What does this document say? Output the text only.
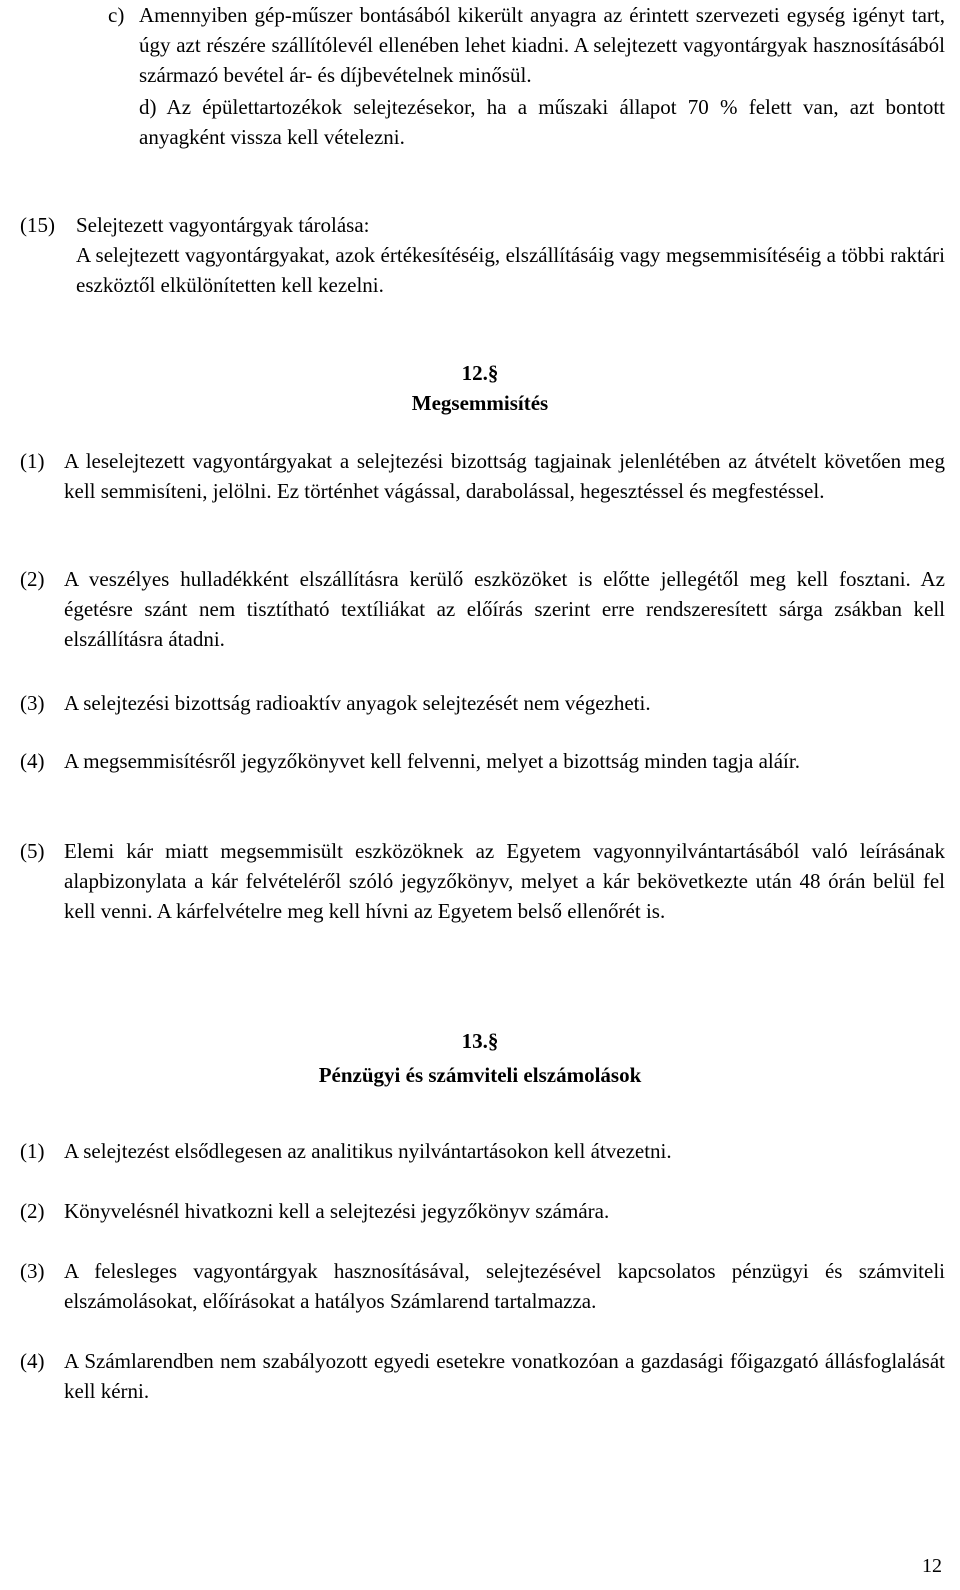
c) Amennyiben gép-műszer bontásából kikerült anyagra az érintett szervezeti egység igényt tart, úgy azt részére szállítólevél ellenében lehet kiadni. A selejtezett vagyontárgyak hasznosításából származó bevétel ár- és díjbevételnek minősül.

d) Az épülettartozékok selejtezésekor, ha a műszaki állapot 70 % felett van, azt bontott anyagként vissza kell vételezni.

(15) Selejtezett vagyontárgyak tárolása:

A selejtezett vagyontárgyakat, azok értékesítéséig, elszállításáig vagy megsemmisítéséig a többi raktári eszköztől elkülönítetten kell kezelni.

12.§
Megsemmisítés
(1) A leselejtezett vagyontárgyakat a selejtezési bizottság tagjainak jelenlétében az átvételt követően meg kell semmisíteni, jelölni. Ez történhet vágással, darabolással, hegesztéssel és megfestéssel.

(2) A veszélyes hulladékként elszállításra kerülő eszközöket is előtte jellegétől meg kell fosztani. Az égetésre szánt nem tisztítható textíliákat az előírás szerint erre rendszeresített sárga zsákban kell elszállításra átadni.

(3) A selejtezési bizottság radioaktív anyagok selejtezését nem végezheti.

(4) A megsemmisítésről jegyzőkönyvet kell felvenni, melyet a bizottság minden tagja aláír.

(5) Elemi kár miatt megsemmisült eszközöknek az Egyetem vagyonnyilvántartásából való leírásának alapbizonylata a kár felvételéről szóló jegyzőkönyv, melyet a kár bekövetkezte után 48 órán belül fel kell venni. A kárfelvételre meg kell hívni az Egyetem belső ellenőrét is.

13.§
Pénzügyi és számviteli elszámolások
(1) A selejtezést elsődlegesen az analitikus nyilvántartásokon kell átvezetni.

(2) Könyvelésnél hivatkozni kell a selejtezési jegyzőkönyv számára.

(3) A felesleges vagyontárgyak hasznosításával, selejtezésével kapcsolatos pénzügyi és számviteli elszámolásokat, előírásokat a hatályos Számlarend tartalmazza.

(4) A Számlarendben nem szabályozott egyedi esetekre vonatkozóan a gazdasági főigazgató állásfoglalását kell kérni.

12
